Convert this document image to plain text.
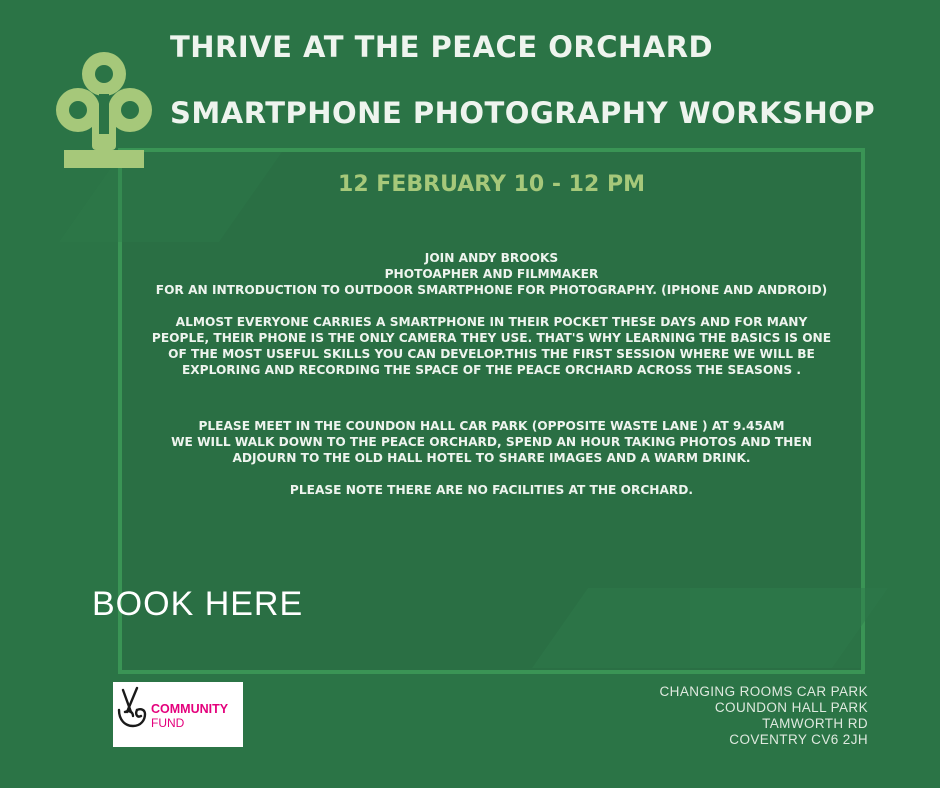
THRIVE AT THE PEACE ORCHARD
SMARTPHONE PHOTOGRAPHY WORKSHOP
12 FEBRUARY 10 - 12 PM

JOIN ANDY BROOKS

PHOTOAPHER AND FILMMAKER

FOR AN INTRODUCTION TO OUTDOOR SMARTPHONE FOR PHOTOGRAPHY. (IPHONE AND ANDROID)

ALMOST EVERYONE CARRIES A SMARTPHONE IN THEIR POCKET THESE DAYS AND FOR MANY

PEOPLE, THEIR PHONE IS THE ONLY CAMERA THEY USE. THAT'S WHY LEARNING THE BASICS IS ONE

OF THE MOST USEFUL SKILLS YOU CAN DEVELOP.THIS THE FIRST SESSION WHERE WE WILL BE

EXPLORING AND RECORDING THE SPACE OF THE PEACE ORCHARD ACROSS THE SEASONS .

PLEASE MEET IN THE COUNDON HALL CAR PARK (OPPOSITE WASTE LANE ) AT 9.45AM

WE WILL WALK DOWN TO THE PEACE ORCHARD, SPEND AN HOUR TAKING PHOTOS AND THEN

ADJOURN TO THE OLD HALL HOTEL TO SHARE IMAGES AND A WARM DRINK.

PLEASE NOTE THERE ARE NO FACILITIES AT THE ORCHARD.

BOOK HERE
COMMUNITY
FUND
CHANGING ROOMS CAR PARK
COUNDON HALL PARK
TAMWORTH RD
COVENTRY CV6 2JH
